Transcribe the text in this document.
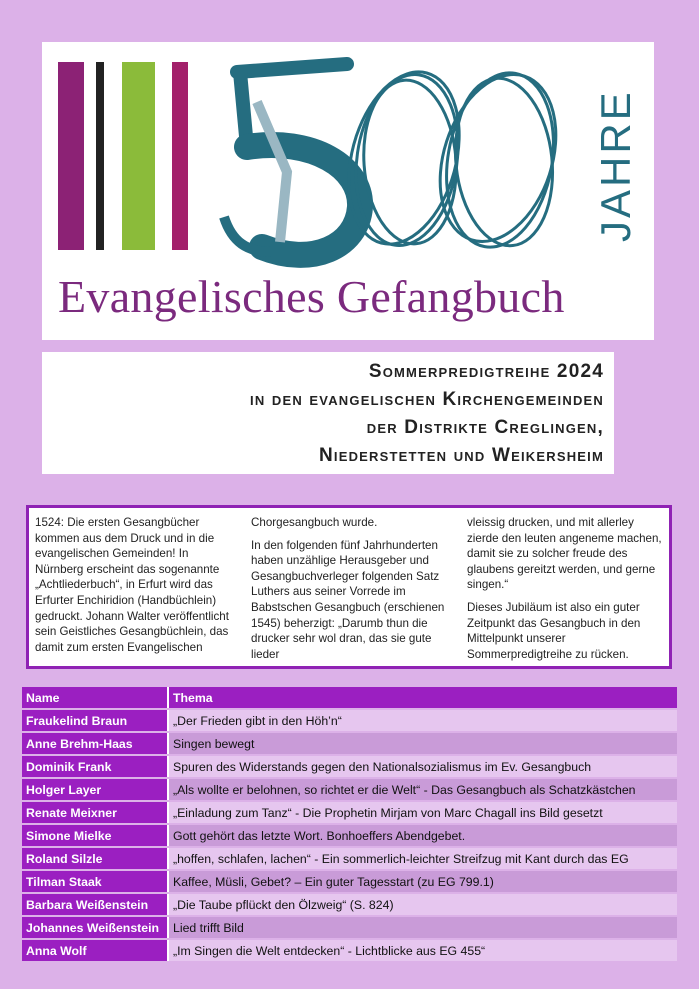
JAHRE
Evangelisches Gefangbuch
Sommerpredigtreihe 2024
in den evangelischen Kirchengemeinden
der Distrikte Creglingen,
Niederstetten und Weikersheim

1524: Die ersten Gesangbücher kommen aus dem Druck und in die evangelischen Gemeinden! In Nürnberg erscheint das sogenannte „Achtliederbuch“, in Erfurt wird das Erfurter Enchiridion (Handbüchlein) gedruckt. Johann Walter veröffentlicht sein Geistliches Gesangbüchlein, das damit zum ersten Evangelischen

Chorgesangbuch wurde.

In den folgenden fünf Jahrhunderten haben unzählige Herausgeber und Gesangbuchverleger folgenden Satz Luthers aus seiner Vorrede im Babstschen Gesangbuch (erschienen 1545) beherzigt: „Darumb thun die drucker sehr wol dran, das sie gute lieder

vleissig drucken, und mit allerley zierde den leuten angeneme machen, damit sie zu solcher freude des glaubens gereitzt werden, und gerne singen.“

Dieses Jubiläum ist also ein guter Zeitpunkt das Gesangbuch in den Mittelpunkt unserer Sommerpredigtreihe zu rücken.

Name	Thema
Fraukelind Braun	„Der Frieden gibt in den Höh’n“
Anne Brehm-Haas	Singen bewegt
Dominik Frank	Spuren des Widerstands gegen den Nationalsozialismus im Ev. Gesangbuch
Holger Layer	„Als wollte er belohnen, so richtet er die Welt“ - Das Gesangbuch als Schatzkästchen
Renate Meixner	„Einladung zum Tanz“ - Die Prophetin Mirjam von Marc Chagall ins Bild gesetzt
Simone Mielke	Gott gehört das letzte Wort. Bonhoeffers Abendgebet.
Roland Silzle	„hoffen, schlafen, lachen“ - Ein sommerlich-leichter Streifzug mit Kant durch das EG
Tilman Staak	Kaffee, Müsli, Gebet? – Ein guter Tagesstart (zu EG 799.1)
Barbara Weißenstein	„Die Taube pflückt den Ölzweig“ (S. 824)
Johannes Weißenstein	Lied trifft Bild
Anna Wolf	„Im Singen die Welt entdecken“ - Lichtblicke aus EG 455“
